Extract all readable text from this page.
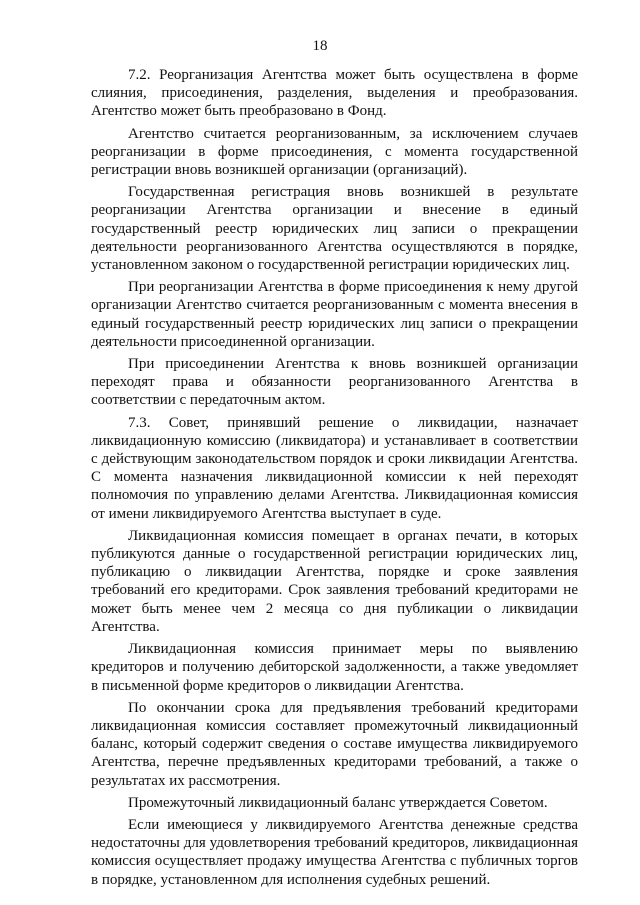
18

7.2. Реорганизация Агентства может быть осуществлена в форме слияния, присоединения, разделения, выделения и преобразования. Агентство может быть преобразовано в Фонд.

Агентство считается реорганизованным, за исключением случаев реорганизации в форме присоединения, с момента государственной регистрации вновь возникшей организации (организаций).

Государственная регистрация вновь возникшей в результате реорганизации Агентства организации и внесение в единый государственный реестр юридических лиц записи о прекращении деятельности реорганизованного Агентства осуществляются в порядке, установленном законом о государственной регистрации юридических лиц.

При реорганизации Агентства в форме присоединения к нему другой организации Агентство считается реорганизованным с момента внесения в единый государственный реестр юридических лиц записи о прекращении деятельности присоединенной организации.

При присоединении Агентства к вновь возникшей организации переходят права и обязанности реорганизованного Агентства в соответствии с передаточным актом.

7.3. Совет, принявший решение о ликвидации, назначает ликвидационную комиссию (ликвидатора) и устанавливает в соответствии с действующим законодательством порядок и сроки ликвидации Агентства. С момента назначения ликвидационной комиссии к ней переходят полномочия по управлению делами Агентства. Ликвидационная комиссия от имени ликвидируемого Агентства выступает в суде.

Ликвидационная комиссия помещает в органах печати, в которых публикуются данные о государственной регистрации юридических лиц, публикацию о ликвидации Агентства, порядке и сроке заявления требований его кредиторами. Срок заявления требований кредиторами не может быть менее чем 2 месяца со дня публикации о ликвидации Агентства.

Ликвидационная комиссия принимает меры по выявлению кредиторов и получению дебиторской задолженности, а также уведомляет в письменной форме кредиторов о ликвидации Агентства.

По окончании срока для предъявления требований кредиторами ликвидационная комиссия составляет промежуточный ликвидационный баланс, который содержит сведения о составе имущества ликвидируемого Агентства, перечне предъявленных кредиторами требований, а также о результатах их рассмотрения.

Промежуточный ликвидационный баланс утверждается Советом.

Если имеющиеся у ликвидируемого Агентства денежные средства недостаточны для удовлетворения требований кредиторов, ликвидационная комиссия осуществляет продажу имущества Агентства с публичных торгов в порядке, установленном для исполнения судебных решений.
